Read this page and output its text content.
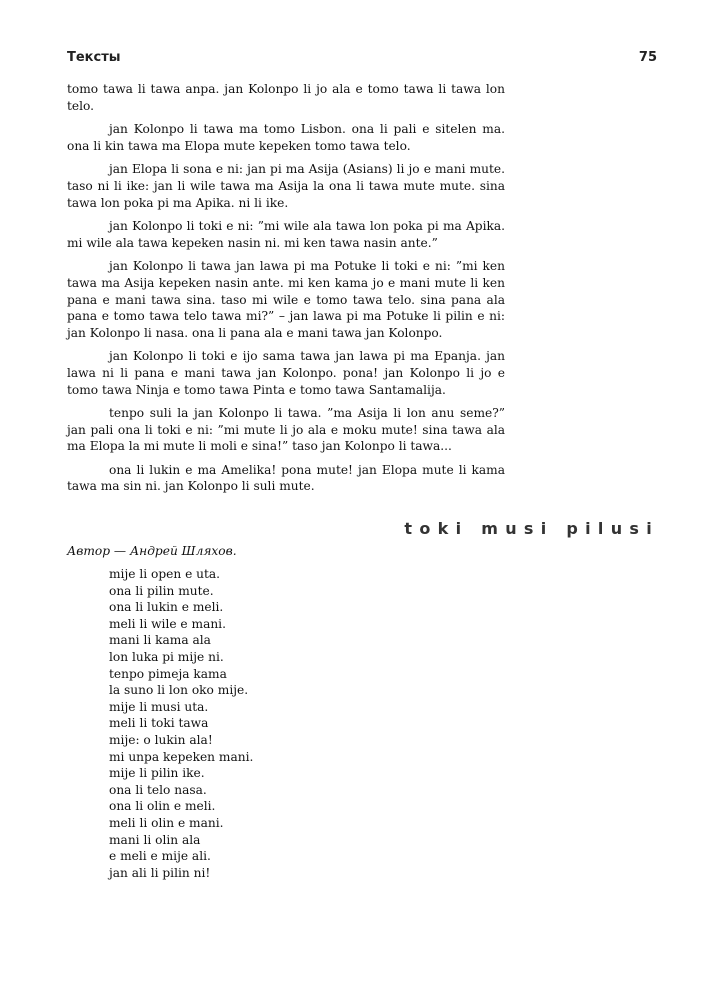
Тексты	75

tomo tawa li tawa anpa. jan Kolonpo li jo ala e tomo tawa li tawa lon telo.

jan Kolonpo li tawa ma tomo Lisbon. ona li pali e sitelen ma. ona li kin tawa ma Elopa mute kepeken tomo tawa telo.

jan Elopa li sona e ni: jan pi ma Asija (Asians) li jo e mani mute. taso ni li ike: jan li wile tawa ma Asija la ona li tawa mute mute. sina tawa lon poka pi ma Apika. ni li ike.

jan Kolonpo li toki e ni: ”mi wile ala tawa lon poka pi ma Apika. mi wile ala tawa kepeken nasin ni. mi ken tawa nasin ante.”

jan Kolonpo li tawa jan lawa pi ma Potuke li toki e ni: ”mi ken tawa ma Asija kepeken nasin ante. mi ken kama jo e mani mute li ken pana e mani tawa sina. taso mi wile e tomo tawa telo. sina pana ala pana e tomo tawa telo tawa mi?” – jan lawa pi ma Potuke li pilin e ni: jan Kolonpo li nasa. ona li pana ala e mani tawa jan Kolonpo.

jan Kolonpo li toki e ijo sama tawa jan lawa pi ma Epanja. jan lawa ni li pana e mani tawa jan Kolonpo. pona! jan Kolonpo li jo e tomo tawa Ninja e tomo tawa Pinta e tomo tawa Santamalija.

tenpo suli la jan Kolonpo li tawa. ”ma Asija li lon anu seme?” jan pali ona li toki e ni: ”mi mute li jo ala e moku mute! sina tawa ala ma Elopa la mi mute li moli e sina!” taso jan Kolonpo li tawa...

ona li lukin e ma Amelika! pona mute! jan Elopa mute li kama tawa ma sin ni. jan Kolonpo li suli mute.

toki musi pilusi
Автор — Андрей Шляхов.
mije li open e uta.
ona li pilin mute.
ona li lukin e meli.
meli li wile e mani.
mani li kama ala
lon luka pi mije ni.
tenpo pimeja kama
la suno li lon oko mije.
mije li musi uta.
meli li toki tawa
mije: o lukin ala!
mi unpa kepeken mani.
mije li pilin ike.
ona li telo nasa.
ona li olin e meli.
meli li olin e mani.
mani li olin ala
e meli e mije ali.
jan ali li pilin ni!
